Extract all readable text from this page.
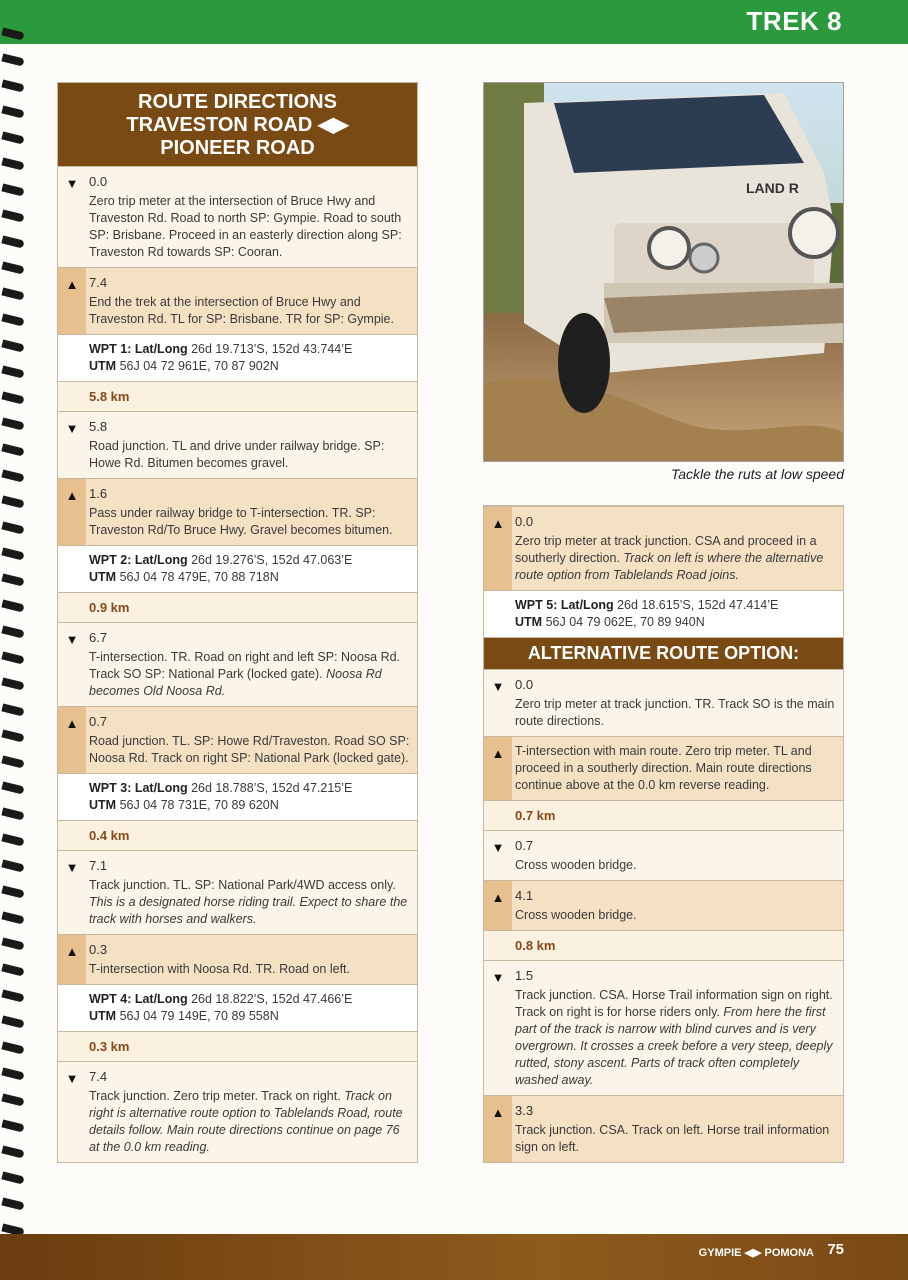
TREK 8
ROUTE DIRECTIONS
TRAVESTON ROAD ◀▶
PIONEER ROAD
▼ 0.0
Zero trip meter at the intersection of Bruce Hwy and Traveston Rd. Road to north SP: Gympie. Road to south SP: Brisbane. Proceed in an easterly direction along SP: Traveston Rd towards SP: Cooran.
▲ 7.4
End the trek at the intersection of Bruce Hwy and Traveston Rd. TL for SP: Brisbane. TR for SP: Gympie.
WPT 1: Lat/Long 26d 19.713’S, 152d 43.744’E
UTM 56J 04 72 961E, 70 87 902N
5.8 km
▼ 5.8
Road junction. TL and drive under railway bridge. SP: Howe Rd. Bitumen becomes gravel.
▲ 1.6
Pass under railway bridge to T-intersection. TR. SP: Traveston Rd/To Bruce Hwy. Gravel becomes bitumen.
WPT 2: Lat/Long 26d 19.276’S, 152d 47.063’E
UTM 56J 04 78 479E, 70 88 718N
0.9 km
▼ 6.7
T-intersection. TR. Road on right and left SP: Noosa Rd. Track SO SP: National Park (locked gate). Noosa Rd becomes Old Noosa Rd.
▲ 0.7
Road junction. TL. SP: Howe Rd/Traveston. Road SO SP: Noosa Rd. Track on right SP: National Park (locked gate).
WPT 3: Lat/Long 26d 18.788’S, 152d 47.215’E
UTM 56J 04 78 731E, 70 89 620N
0.4 km
▼ 7.1
Track junction. TL. SP: National Park/4WD access only. This is a designated horse riding trail. Expect to share the track with horses and walkers.
▲ 0.3
T-intersection with Noosa Rd. TR. Road on left.
WPT 4: Lat/Long 26d 18.822’S, 152d 47.466’E
UTM 56J 04 79 149E, 70 89 558N
0.3 km
▼ 7.4
Track junction. Zero trip meter. Track on right. Track on right is alternative route option to Tablelands Road, route details follow. Main route directions continue on page 76 at the 0.0 km reading.
LAND R
Tackle the ruts at low speed
▲ 0.0
Zero trip meter at track junction. CSA and proceed in a southerly direction. Track on left is where the alternative route option from Tablelands Road joins.
WPT 5: Lat/Long 26d 18.615’S, 152d 47.414’E
UTM 56J 04 79 062E, 70 89 940N
ALTERNATIVE ROUTE OPTION:
▼ 0.0
Zero trip meter at track junction. TR. Track SO is the main route directions.
▲ T-intersection with main route. Zero trip meter. TL and proceed in a southerly direction. Main route directions continue above at the 0.0 km reverse reading.
0.7 km
▼ 0.7
Cross wooden bridge.
▲ 4.1
Cross wooden bridge.
0.8 km
▼ 1.5
Track junction. CSA. Horse Trail information sign on right. Track on right is for horse riders only. From here the first part of the track is narrow with blind curves and is very overgrown. It crosses a creek before a very steep, deeply rutted, stony ascent. Parts of track often completely washed away.
▲ 3.3
Track junction. CSA. Track on left. Horse trail information sign on left.
GYMPIE ◀▶ POMONA 75
